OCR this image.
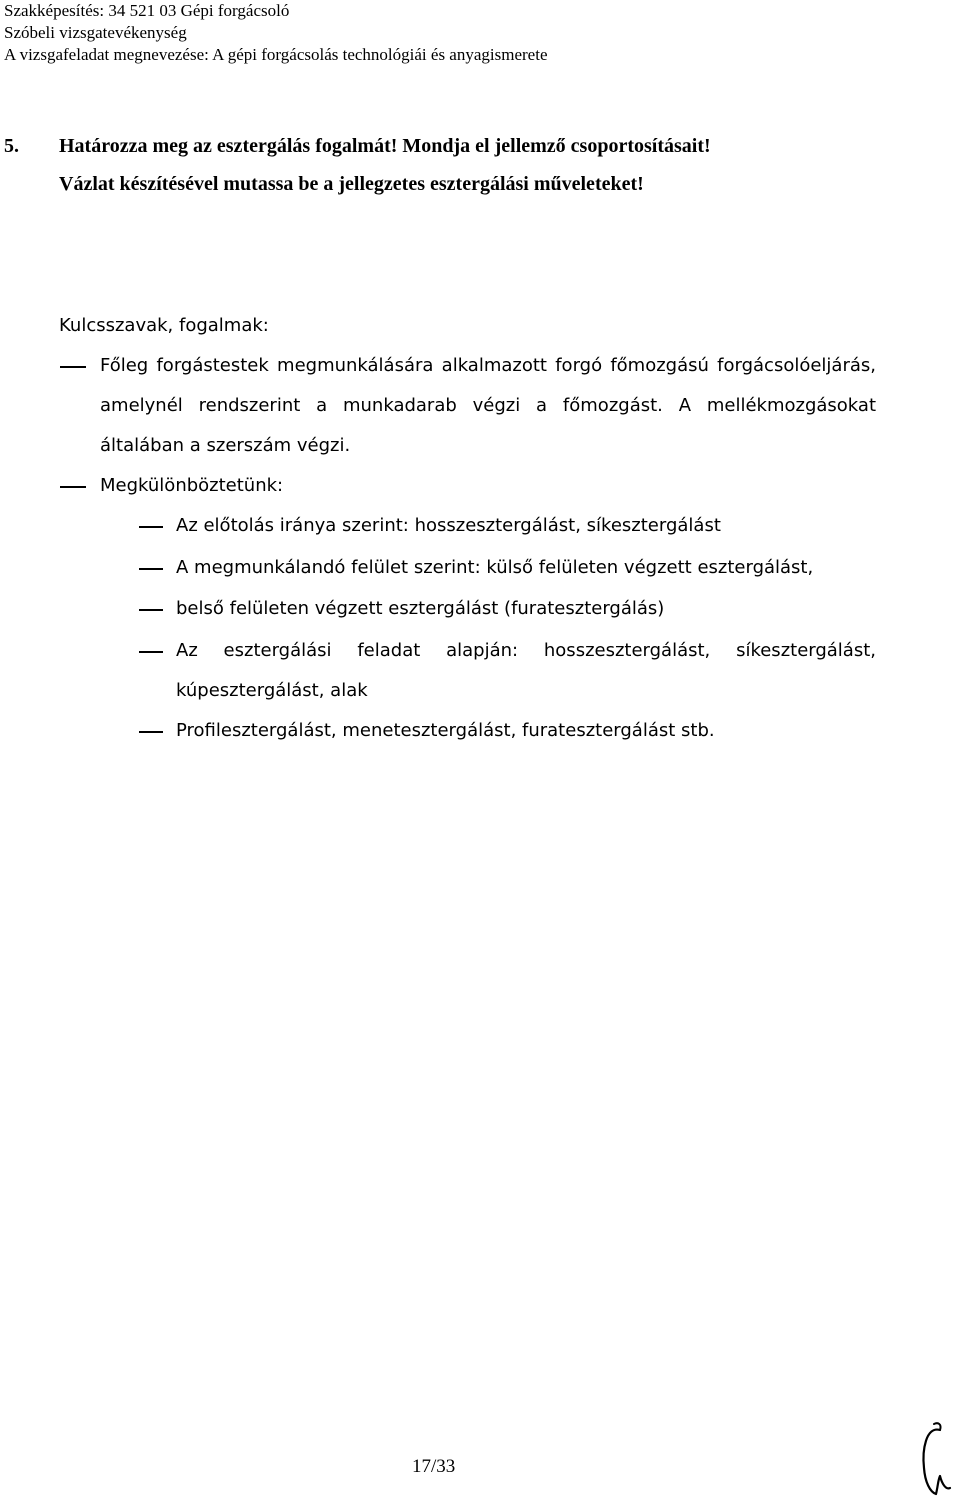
Szakképesítés: 34 521 03 Gépi forgácsoló
Szóbeli vizsgatevékenység
A vizsgafeladat megnevezése: A gépi forgácsolás technológiái és anyagismerete
5. Határozza meg az esztergálás fogalmát! Mondja el jellemző csoportosításait!
Vázlat készítésével mutassa be a jellegzetes esztergálási műveleteket!
Kulcsszavak, fogalmak:
Főleg forgástestek megmunkálására alkalmazott forgó főmozgású forgácsolóeljárás, amelynél rendszerint a munkadarab végzi a főmozgást. A mellékmozgásokat általában a szerszám végzi.
Megkülönböztetünk:
Az előtolás iránya szerint: hosszesztergálást, síkesztergálást
A megmunkálandó felület szerint: külső felületen végzett esztergálást,
belső felületen végzett esztergálást (furatesztergálás)
Az esztergálási feladat alapján: hosszesztergálást, síkesztergálást, kúpesztergálást, alak
Profilesztergálást, menetesztergálást, furatesztergálást stb.
17/33
